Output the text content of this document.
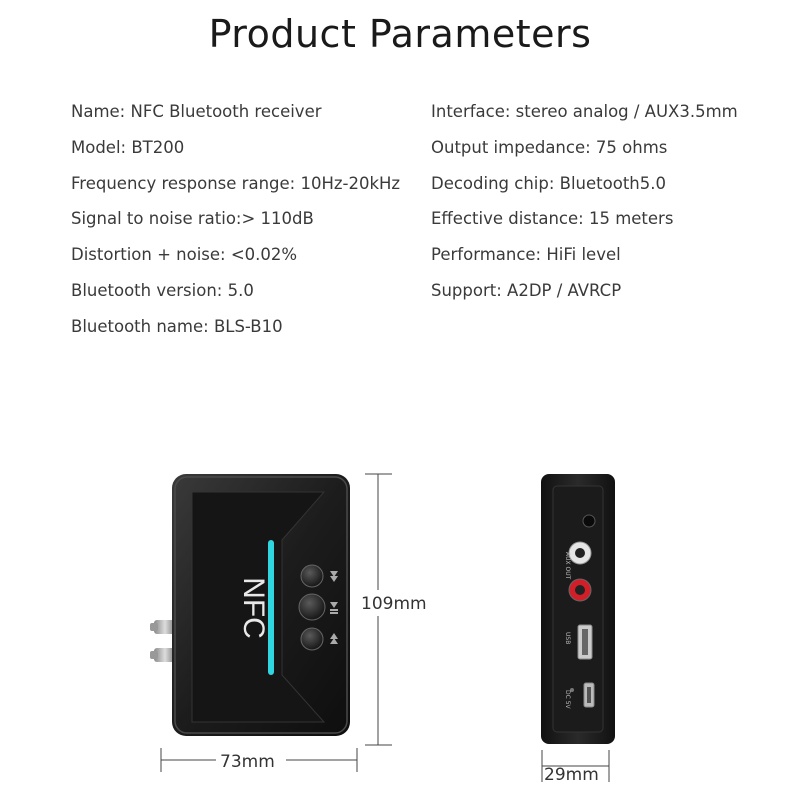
Product Parameters
Name: NFC Bluetooth receiver
Model: BT200
Frequency response range: 10Hz-20kHz
Signal to noise ratio:> 110dB
Distortion + noise: <0.02%
Bluetooth version: 5.0
Bluetooth name: BLS-B10
Interface: stereo analog / AUX3.5mm
Output impedance: 75 ohms
Decoding chip: Bluetooth5.0
Effective distance: 15 meters
Performance: HiFi level
Support: A2DP / AVRCP
NFC	109mm
73mm
AUX OUT
USB
DC 5V
29mm
